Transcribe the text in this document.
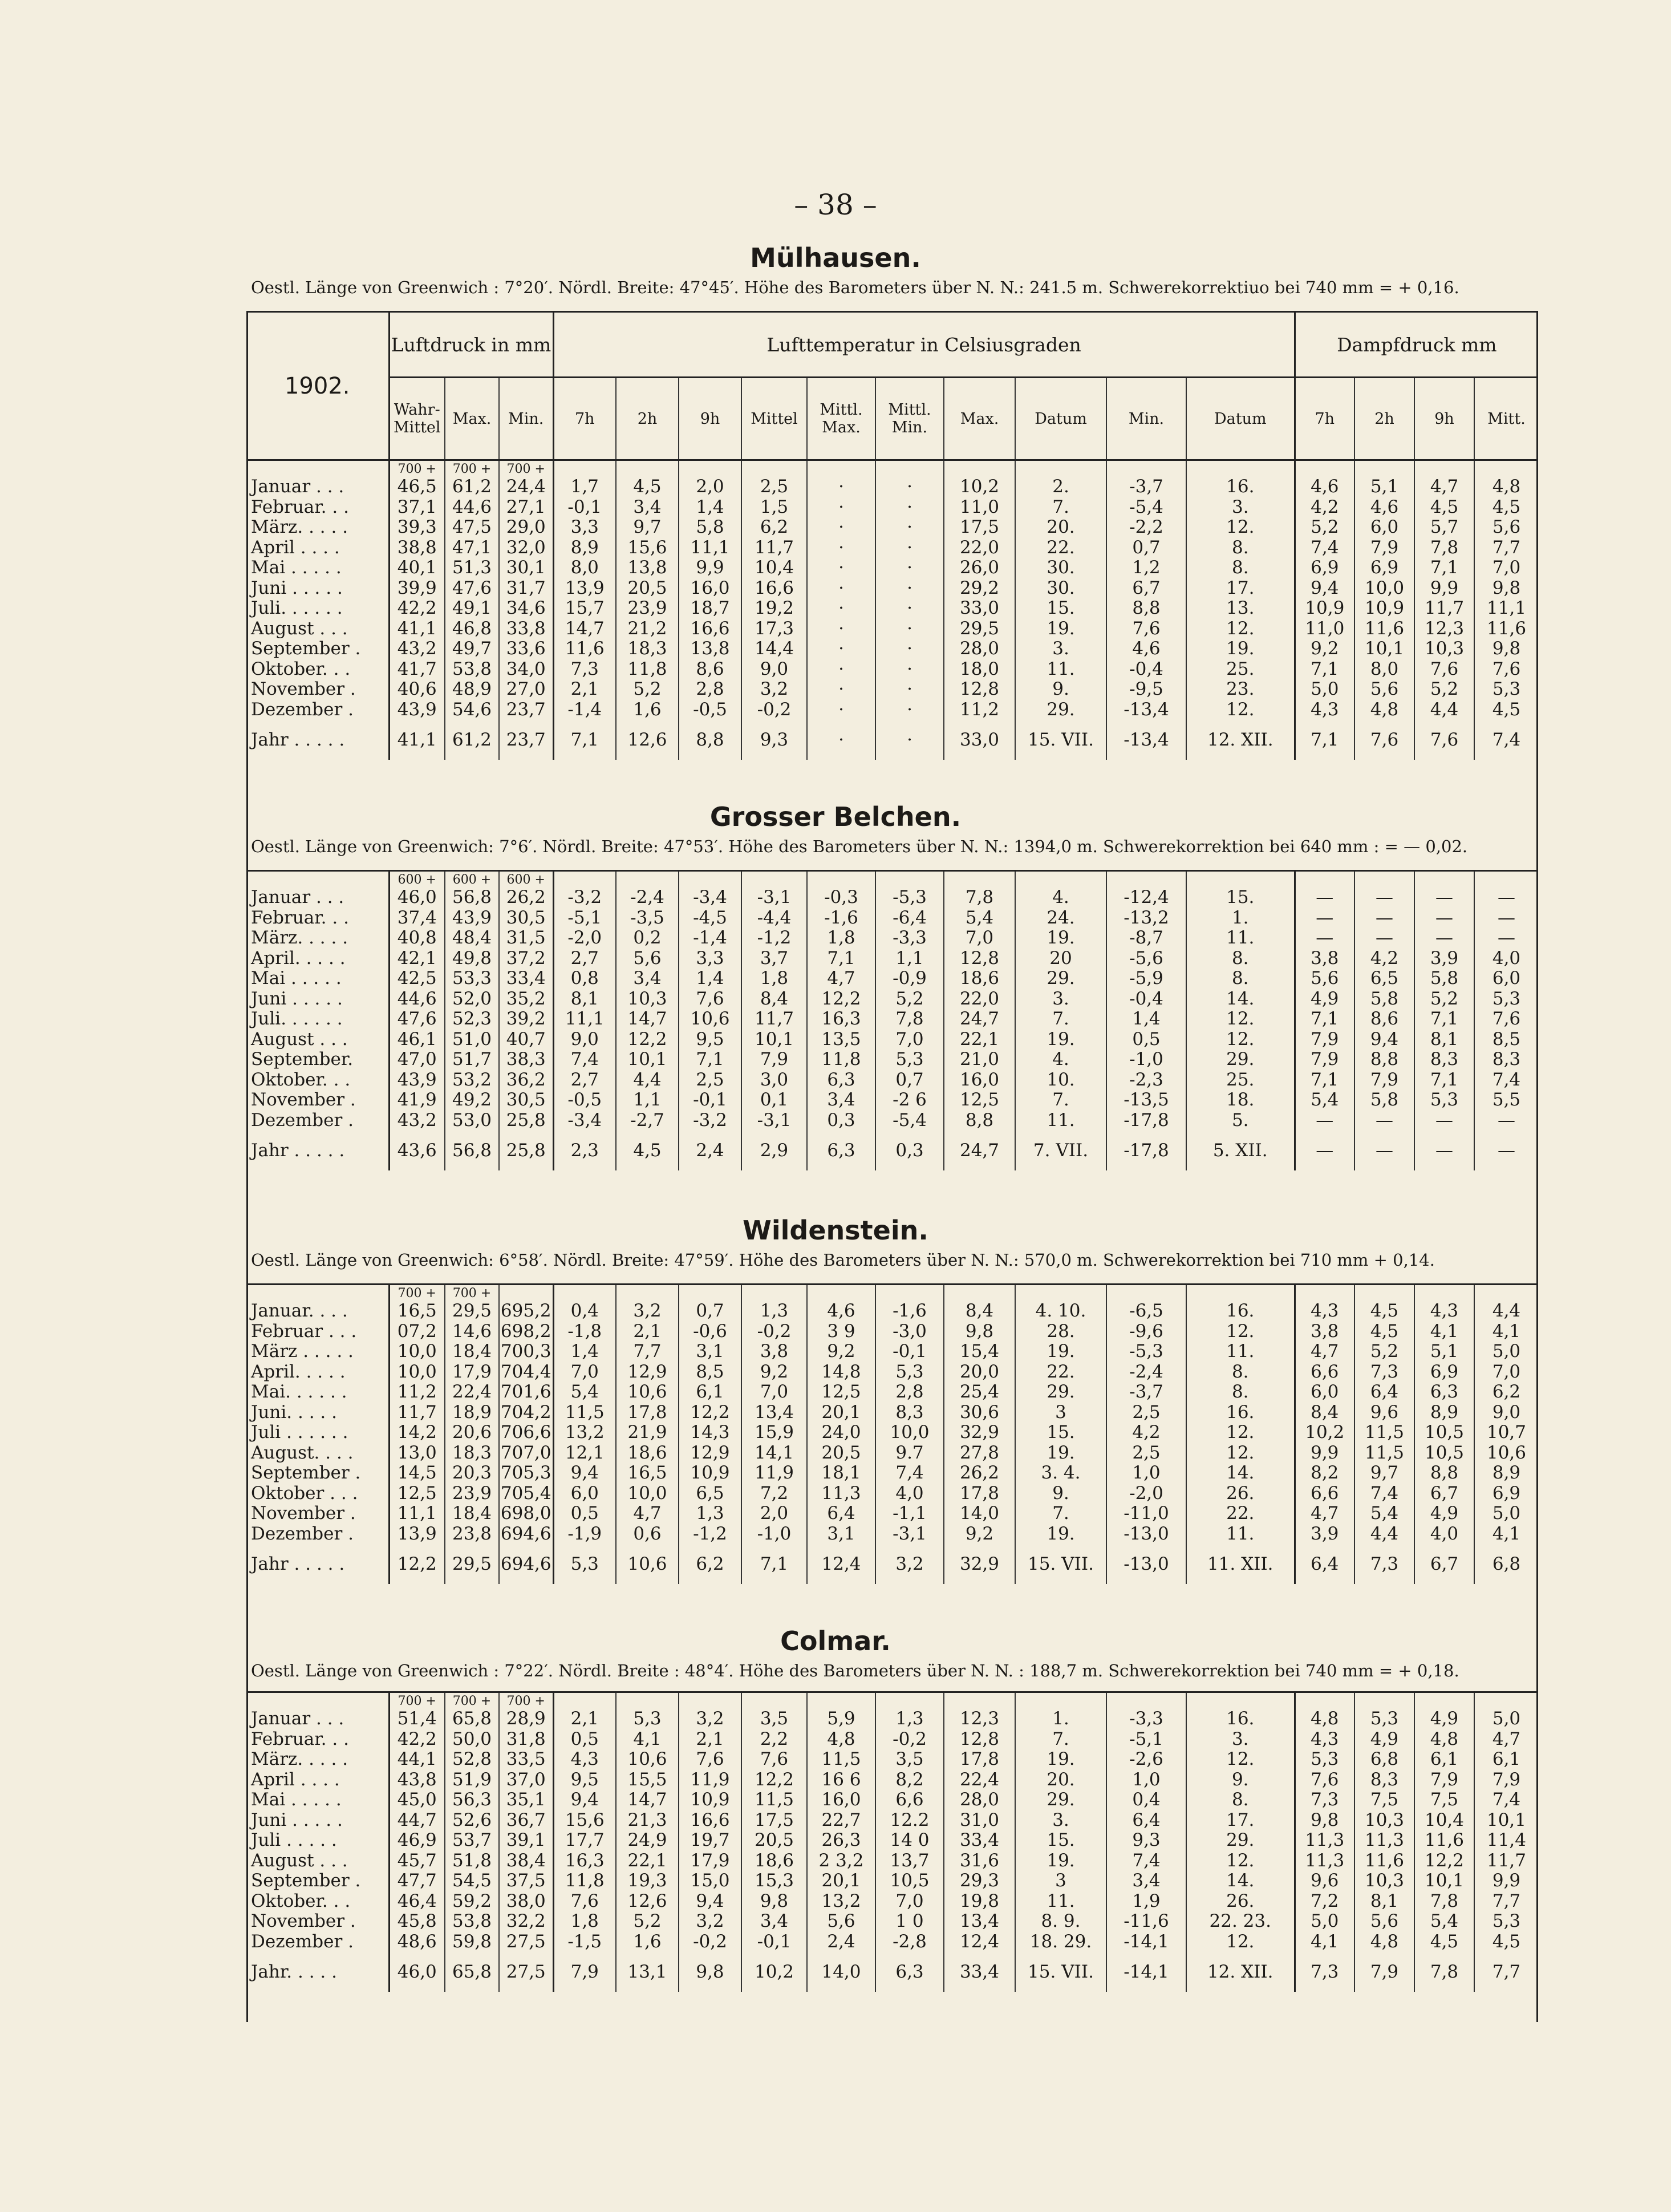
– 38 –
Mülhausen.
Oestl. Länge von Greenwich : 7°20′. Nördl. Breite: 47°45′. Höhe des Barometers über N. N.: 241.5 m. Schwerekorrektiuo bei 740 mm = + 0,16.
1902.	Luftdruck in mm			Lufttemperatur in Celsiusgraden										Dampfdruck mm			
	Wahr-Mittel	Max.	Min.	7h	2h	9h	Mittel	Mittl. Max.	Mittl. Min.	Max.	Datum	Min.	Datum	7h	2h	9h	Mitt.
	700 +	700 +	700 +														
Januar . . .	46,5	61,2	24,4	1,7	4,5	2,0	2,5	·	·	10,2	2.	-3,7	16.	4,6	5,1	4,7	4,8
Februar. . .	37,1	44,6	27,1	-0,1	3,4	1,4	1,5	·	·	11,0	7.	-5,4	3.	4,2	4,6	4,5	4,5
März. . . . .	39,3	47,5	29,0	3,3	9,7	5,8	6,2	·	·	17,5	20.	-2,2	12.	5,2	6,0	5,7	5,6
April . . . .	38,8	47,1	32,0	8,9	15,6	11,1	11,7	·	·	22,0	22.	0,7	8.	7,4	7,9	7,8	7,7
Mai . . . . .	40,1	51,3	30,1	8,0	13,8	9,9	10,4	·	·	26,0	30.	1,2	8.	6,9	6,9	7,1	7,0
Juni . . . . .	39,9	47,6	31,7	13,9	20,5	16,0	16,6	·	·	29,2	30.	6,7	17.	9,4	10,0	9,9	9,8
Juli. . . . . .	42,2	49,1	34,6	15,7	23,9	18,7	19,2	·	·	33,0	15.	8,8	13.	10,9	10,9	11,7	11,1
August . . .	41,1	46,8	33,8	14,7	21,2	16,6	17,3	·	·	29,5	19.	7,6	12.	11,0	11,6	12,3	11,6
September .	43,2	49,7	33,6	11,6	18,3	13,8	14,4	·	·	28,0	3.	4,6	19.	9,2	10,1	10,3	9,8
Oktober. . .	41,7	53,8	34,0	7,3	11,8	8,6	9,0	·	·	18,0	11.	-0,4	25.	7,1	8,0	7,6	7,6
November .	40,6	48,9	27,0	2,1	5,2	2,8	3,2	·	·	12,8	9.	-9,5	23.	5,0	5,6	5,2	5,3
Dezember .	43,9	54,6	23,7	-1,4	1,6	-0,5	-0,2	·	·	11,2	29.	-13,4	12.	4,3	4,8	4,4	4,5
Jahr . . . . .	41,1	61,2	23,7	7,1	12,6	8,8	9,3	·	·	33,0	15. VII.	-13,4	12. XII.	7,1	7,6	7,6	7,4
Grosser Belchen.
Oestl. Länge von Greenwich: 7°6′. Nördl. Breite: 47°53′. Höhe des Barometers über N. N.: 1394,0 m. Schwerekorrektion bei 640 mm : = — 0,02.
	600 +	600 +	600 +														
Januar . . .	46,0	56,8	26,2	-3,2	-2,4	-3,4	-3,1	-0,3	-5,3	7,8	4.	-12,4	15.	—	—	—	—
Februar. . .	37,4	43,9	30,5	-5,1	-3,5	-4,5	-4,4	-1,6	-6,4	5,4	24.	-13,2	1.	—	—	—	—
März. . . . .	40,8	48,4	31,5	-2,0	0,2	-1,4	-1,2	1,8	-3,3	7,0	19.	-8,7	11.	—	—	—	—
April. . . . .	42,1	49,8	37,2	2,7	5,6	3,3	3,7	7,1	1,1	12,8	20	-5,6	8.	3,8	4,2	3,9	4,0
Mai . . . . .	42,5	53,3	33,4	0,8	3,4	1,4	1,8	4,7	-0,9	18,6	29.	-5,9	8.	5,6	6,5	5,8	6,0
Juni . . . . .	44,6	52,0	35,2	8,1	10,3	7,6	8,4	12,2	5,2	22,0	3.	-0,4	14.	4,9	5,8	5,2	5,3
Juli. . . . . .	47,6	52,3	39,2	11,1	14,7	10,6	11,7	16,3	7,8	24,7	7.	1,4	12.	7,1	8,6	7,1	7,6
August . . .	46,1	51,0	40,7	9,0	12,2	9,5	10,1	13,5	7,0	22,1	19.	0,5	12.	7,9	9,4	8,1	8,5
September.	47,0	51,7	38,3	7,4	10,1	7,1	7,9	11,8	5,3	21,0	4.	-1,0	29.	7,9	8,8	8,3	8,3
Oktober. . .	43,9	53,2	36,2	2,7	4,4	2,5	3,0	6,3	0,7	16,0	10.	-2,3	25.	7,1	7,9	7,1	7,4
November .	41,9	49,2	30,5	-0,5	1,1	-0,1	0,1	3,4	-2 6	12,5	7.	-13,5	18.	5,4	5,8	5,3	5,5
Dezember .	43,2	53,0	25,8	-3,4	-2,7	-3,2	-3,1	0,3	-5,4	8,8	11.	-17,8	5.	—	—	—	—
Jahr . . . . .	43,6	56,8	25,8	2,3	4,5	2,4	2,9	6,3	0,3	24,7	7. VII.	-17,8	5. XII.	—	—	—	—
Wildenstein.
Oestl. Länge von Greenwich: 6°58′. Nördl. Breite: 47°59′. Höhe des Barometers über N. N.: 570,0 m. Schwerekorrektion bei 710 mm + 0,14.
	700 +	700 +															
Januar. . . .	16,5	29,5	695,2	0,4	3,2	0,7	1,3	4,6	-1,6	8,4	4. 10.	-6,5	16.	4,3	4,5	4,3	4,4
Februar . . .	07,2	14,6	698,2	-1,8	2,1	-0,6	-0,2	3 9	-3,0	9,8	28.	-9,6	12.	3,8	4,5	4,1	4,1
März . . . . .	10,0	18,4	700,3	1,4	7,7	3,1	3,8	9,2	-0,1	15,4	19.	-5,3	11.	4,7	5,2	5,1	5,0
April. . . . .	10,0	17,9	704,4	7,0	12,9	8,5	9,2	14,8	5,3	20,0	22.	-2,4	8.	6,6	7,3	6,9	7,0
Mai. . . . . .	11,2	22,4	701,6	5,4	10,6	6,1	7,0	12,5	2,8	25,4	29.	-3,7	8.	6,0	6,4	6,3	6,2
Juni. . . . .	11,7	18,9	704,2	11,5	17,8	12,2	13,4	20,1	8,3	30,6	3	2,5	16.	8,4	9,6	8,9	9,0
Juli . . . . . .	14,2	20,6	706,6	13,2	21,9	14,3	15,9	24,0	10,0	32,9	15.	4,2	12.	10,2	11,5	10,5	10,7
August. . . .	13,0	18,3	707,0	12,1	18,6	12,9	14,1	20,5	9.7	27,8	19.	2,5	12.	9,9	11,5	10,5	10,6
September .	14,5	20,3	705,3	9,4	16,5	10,9	11,9	18,1	7,4	26,2	3. 4.	1,0	14.	8,2	9,7	8,8	8,9
Oktober . . .	12,5	23,9	705,4	6,0	10,0	6,5	7,2	11,3	4,0	17,8	9.	-2,0	26.	6,6	7,4	6,7	6,9
November .	11,1	18,4	698,0	0,5	4,7	1,3	2,0	6,4	-1,1	14,0	7.	-11,0	22.	4,7	5,4	4,9	5,0
Dezember .	13,9	23,8	694,6	-1,9	0,6	-1,2	-1,0	3,1	-3,1	9,2	19.	-13,0	11.	3,9	4,4	4,0	4,1
Jahr . . . . .	12,2	29,5	694,6	5,3	10,6	6,2	7,1	12,4	3,2	32,9	15. VII.	-13,0	11. XII.	6,4	7,3	6,7	6,8
Colmar.
Oestl. Länge von Greenwich : 7°22′. Nördl. Breite : 48°4′. Höhe des Barometers über N. N. : 188,7 m. Schwerekorrektion bei 740 mm = + 0,18.
	700 +	700 +	700 +														
Januar . . .	51,4	65,8	28,9	2,1	5,3	3,2	3,5	5,9	1,3	12,3	1.	-3,3	16.	4,8	5,3	4,9	5,0
Februar. . .	42,2	50,0	31,8	0,5	4,1	2,1	2,2	4,8	-0,2	12,8	7.	-5,1	3.	4,3	4,9	4,8	4,7
März. . . . .	44,1	52,8	33,5	4,3	10,6	7,6	7,6	11,5	3,5	17,8	19.	-2,6	12.	5,3	6,8	6,1	6,1
April . . . .	43,8	51,9	37,0	9,5	15,5	11,9	12,2	16 6	8,2	22,4	20.	1,0	9.	7,6	8,3	7,9	7,9
Mai . . . . .	45,0	56,3	35,1	9,4	14,7	10,9	11,5	16,0	6,6	28,0	29.	0,4	8.	7,3	7,5	7,5	7,4
Juni . . . . .	44,7	52,6	36,7	15,6	21,3	16,6	17,5	22,7	12.2	31,0	3.	6,4	17.	9,8	10,3	10,4	10,1
Juli . . . . .	46,9	53,7	39,1	17,7	24,9	19,7	20,5	26,3	14 0	33,4	15.	9,3	29.	11,3	11,3	11,6	11,4
August . . .	45,7	51,8	38,4	16,3	22,1	17,9	18,6	2 3,2	13,7	31,6	19.	7,4	12.	11,3	11,6	12,2	11,7
September .	47,7	54,5	37,5	11,8	19,3	15,0	15,3	20,1	10,5	29,3	3	3,4	14.	9,6	10,3	10,1	9,9
Oktober. . .	46,4	59,2	38,0	7,6	12,6	9,4	9,8	13,2	7,0	19,8	11.	1,9	26.	7,2	8,1	7,8	7,7
November .	45,8	53,8	32,2	1,8	5,2	3,2	3,4	5,6	1 0	13,4	8. 9.	-11,6	22. 23.	5,0	5,6	5,4	5,3
Dezember .	48,6	59,8	27,5	-1,5	1,6	-0,2	-0,1	2,4	-2,8	12,4	18. 29.	-14,1	12.	4,1	4,8	4,5	4,5
Jahr. . . . .	46,0	65,8	27,5	7,9	13,1	9,8	10,2	14,0	6,3	33,4	15. VII.	-14,1	12. XII.	7,3	7,9	7,8	7,7
